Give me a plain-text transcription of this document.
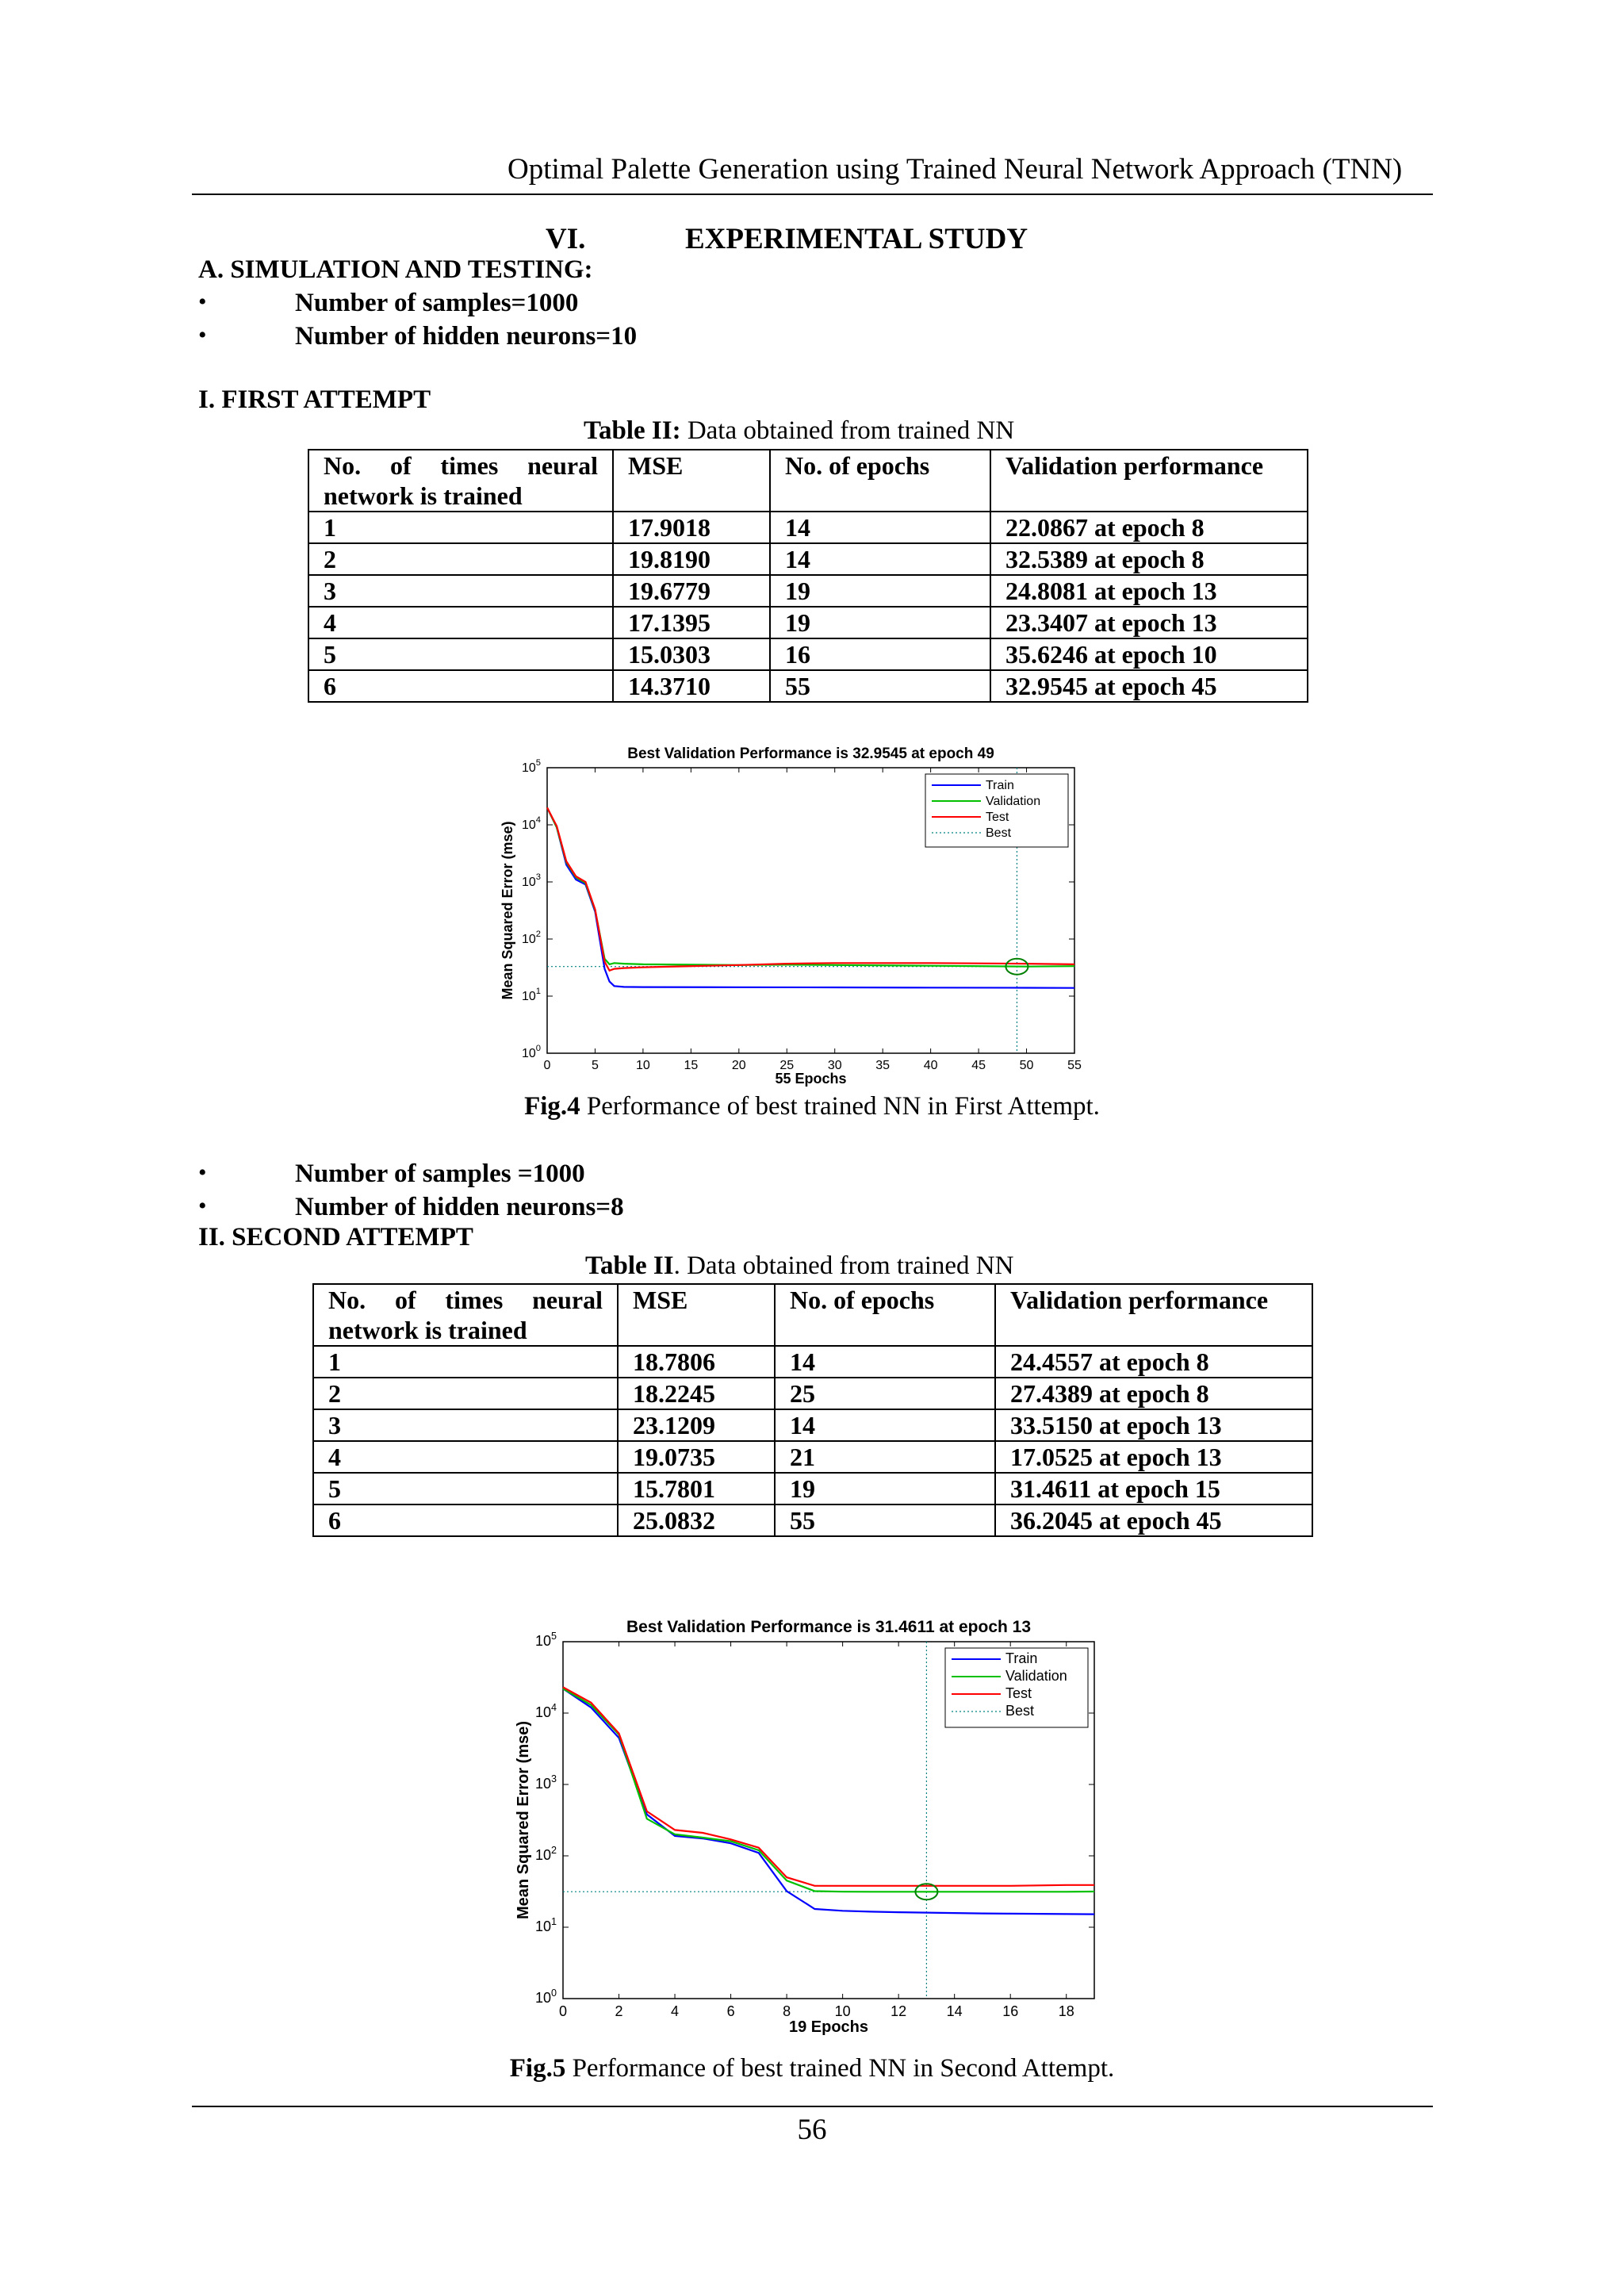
Optimal Palette Generation using Trained Neural Network Approach (TNN)
VI.	EXPERIMENTAL STUDY
A. SIMULATION AND TESTING:
•	Number of samples=1000
•	Number of hidden neurons=10
I. FIRST ATTEMPT
Table II: Data obtained from trained NN
No. of times neural
network is trained	MSE	No. of epochs	Validation performance
1	17.9018	14	22.0867 at epoch 8
2	19.8190	14	32.5389 at epoch 8
3	19.6779	19	24.8081 at epoch 13
4	17.1395	19	23.3407 at epoch 13
5	15.0303	16	35.6246 at epoch 10
6	14.3710	55	32.9545 at epoch 45
Best Validation Performance is 32.9545 at epoch 49
0	5	10	15	20	25	30	35	40	45	50	55
$10^0$
$10^1$
$10^2$
$10^3$
$10^4$
$10^5$
55 Epochs
Mean Squared Error (mse)
Train
Validation
Test
Best
Fig.4 Performance of best trained NN in First Attempt.
•	Number of samples =1000
•	Number of hidden neurons=8
II. SECOND ATTEMPT
Table II. Data obtained from trained NN
No. of times neural
network is trained	MSE	No. of epochs	Validation performance
1	18.7806	14	24.4557 at epoch 8
2	18.2245	25	27.4389 at epoch 8
3	23.1209	14	33.5150 at epoch 13
4	19.0735	21	17.0525 at epoch 13
5	15.7801	19	31.4611 at epoch 15
6	25.0832	55	36.2045 at epoch 45
Best Validation Performance is 31.4611 at epoch 13
0	2	4	6	8	10	12	14	16	18
$10^0$
$10^1$
$10^2$
$10^3$
$10^4$
$10^5$
19 Epochs
Mean Squared Error (mse)
Train
Validation
Test
Best
Fig.5 Performance of best trained NN in Second Attempt.
56
